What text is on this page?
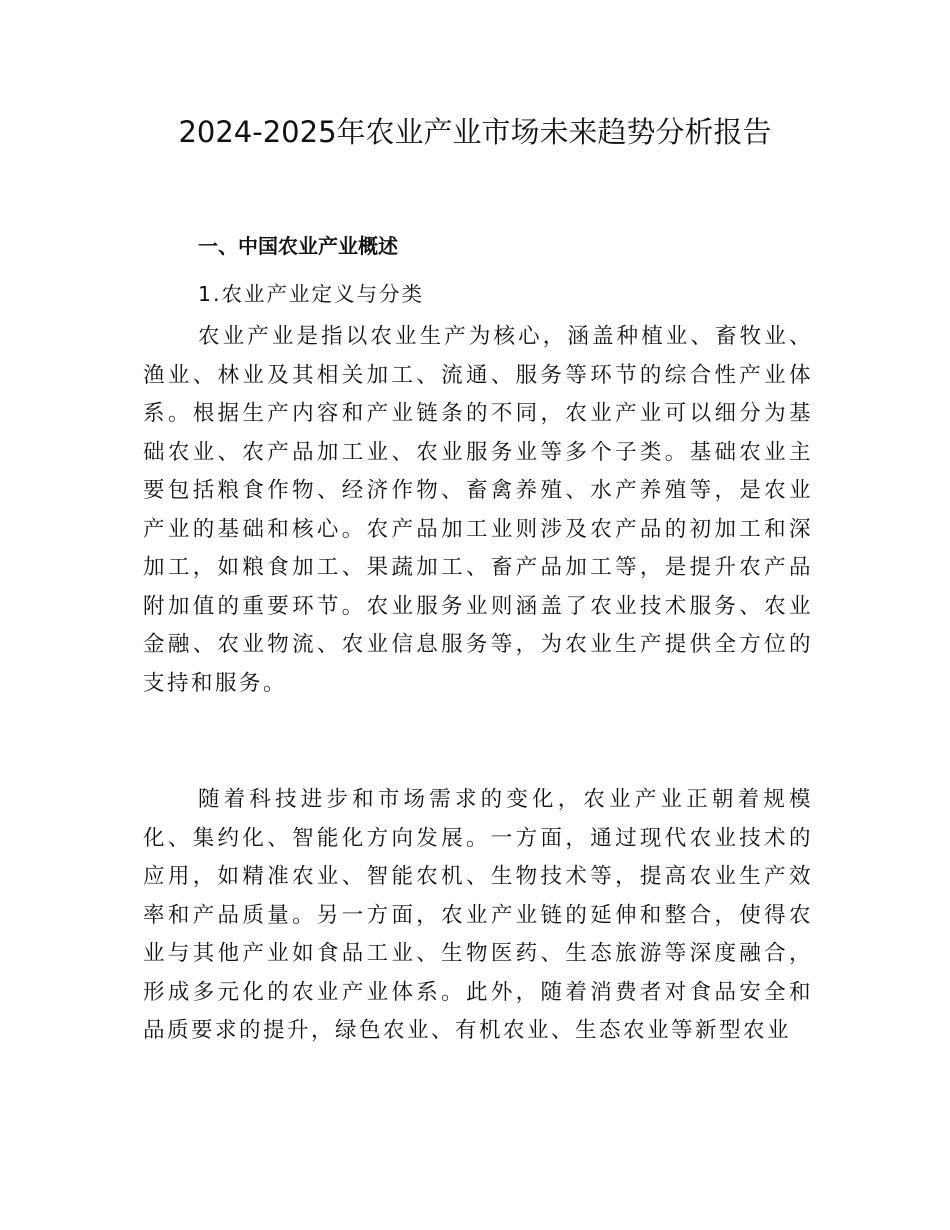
2024-2025年农业产业市场未来趋势分析报告
一、中国农业产业概述
1.农业产业定义与分类

农业产业是指以农业生产为核心，涵盖种植业、畜牧业、渔业、林业及其相关加工、流通、服务等环节的综合性产业体系。根据生产内容和产业链条的不同，农业产业可以细分为基础农业、农产品加工业、农业服务业等多个子类。基础农业主要包括粮食作物、经济作物、畜禽养殖、水产养殖等，是农业产业的基础和核心。农产品加工业则涉及农产品的初加工和深加工，如粮食加工、果蔬加工、畜产品加工等，是提升农产品附加值的重要环节。农业服务业则涵盖了农业技术服务、农业金融、农业物流、农业信息服务等，为农业生产提供全方位的支持和服务。

随着科技进步和市场需求的变化，农业产业正朝着规模化、集约化、智能化方向发展。一方面，通过现代农业技术的应用，如精准农业、智能农机、生物技术等，提高农业生产效率和产品质量。另一方面，农业产业链的延伸和整合，使得农业与其他产业如食品工业、生物医药、生态旅游等深度融合，形成多元化的农业产业体系。此外，随着消费者对食品安全和品质要求的提升，绿色农业、有机农业、生态农业等新型农业
